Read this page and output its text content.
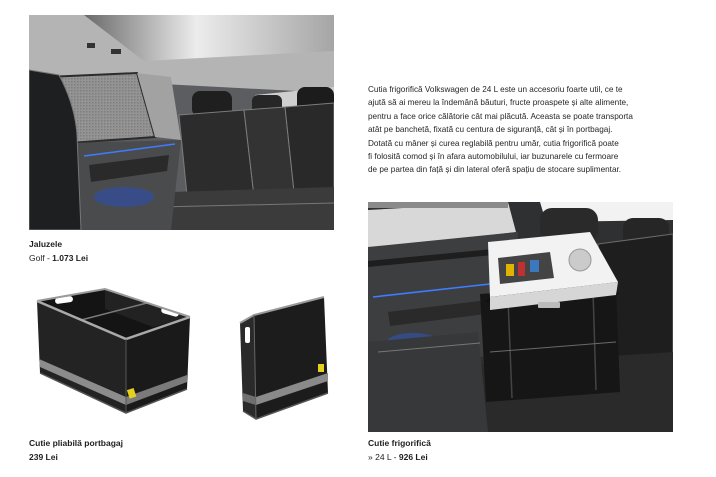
Jaluzele
Golf - 1.073 Lei
Cutie pliabilă portbagaj
239 Lei
Cutia frigorifică Volkswagen de 24 L este un accesoriu foarte util, ce te
ajută să ai mereu la îndemână băuturi, fructe proaspete și alte alimente,
pentru a face orice călătorie cât mai plăcută. Aceasta se poate transporta
atât pe banchetă, fixată cu centura de siguranță, cât și în portbagaj.
Dotată cu mâner și curea reglabilă pentru umăr, cutia frigorifică poate
fi folosită comod și în afara automobilului, iar buzunarele cu fermoare
de pe partea din față și din lateral oferă spațiu de stocare suplimentar.
Cutie frigorifică
» 24 L - 926 Lei
